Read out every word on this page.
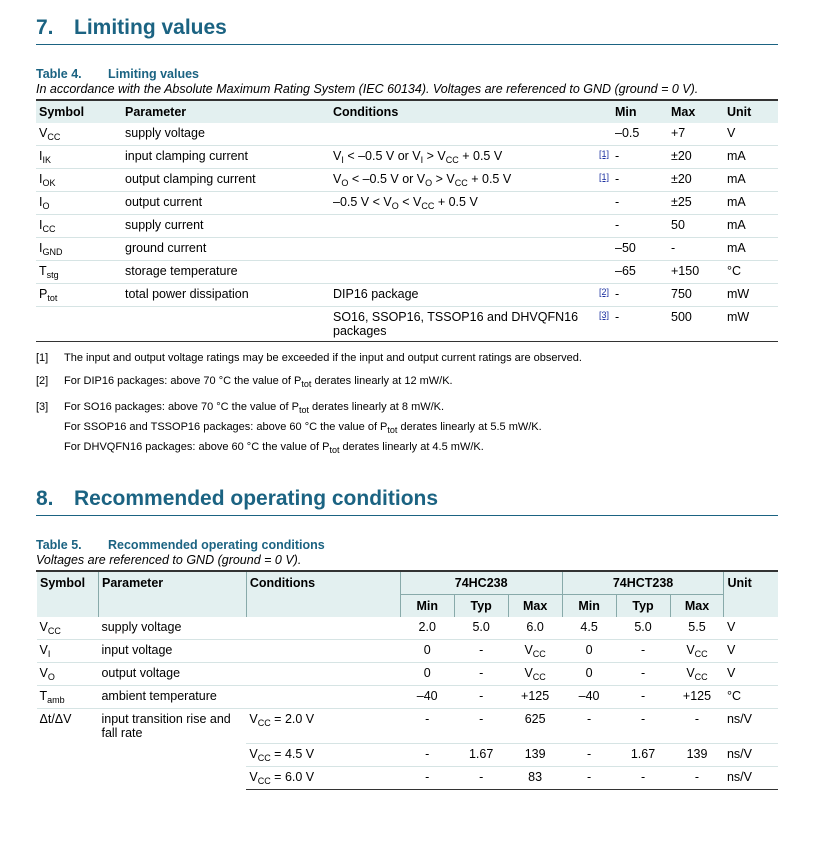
7. Limiting values
Table 4.	Limiting values
In accordance with the Absolute Maximum Rating System (IEC 60134). Voltages are referenced to GND (ground = 0 V).
Symbol	Parameter	Conditions		Min	Max	Unit
$V_{CC}$	supply voltage			–0.5	+7	V
$I_{IK}$	input clamping current	$V_I < -0.5$ V or $V_I > V_{CC} + 0.5$ V	[1]	-	±20	mA
$I_{OK}$	output clamping current	$V_O < -0.5$ V or $V_O > V_{CC} + 0.5$ V	[1]	-	±20	mA
$I_O$	output current	–0.5 $V < V_O < V_{CC} + 0.5$ V		-	±25	mA
$I_{CC}$	supply current			-	50	mA
$I_{GND}$	ground current			–50	-	mA
$T_{stg}$	storage temperature			–65	+150	°C
$P_{tot}$	total power dissipation	DIP16 package	[2]	-	750	mW
		SO16, SSOP16, TSSOP16 and DHVQFN16 packages	[3]	-	500	mW
[1]	The input and output voltage ratings may be exceeded if the input and output current ratings are observed.
[2]	For DIP16 packages: above 70 °C the value of $P_{tot}$ derates linearly at 12 mW/K.
[3]	For SO16 packages: above 70 °C the value of $P_{tot}$ derates linearly at 8 mW/K.
For SSOP16 and TSSOP16 packages: above 60 °C the value of $P_{tot}$ derates linearly at 5.5 mW/K.
For DHVQFN16 packages: above 60 °C the value of $P_{tot}$ derates linearly at 4.5 mW/K.
8. Recommended operating conditions
Table 5.	Recommended operating conditions
Voltages are referenced to GND (ground = 0 V).
Symbol	Parameter	Conditions	74HC238			74HCT238			Unit
			Min	Typ	Max	Min	Typ	Max	
$V_{CC}$	supply voltage		2.0	5.0	6.0	4.5	5.0	5.5	V
$V_I$	input voltage		0	-	$V_{CC}$	0	-	$V_{CC}$	V
$V_O$	output voltage		0	-	$V_{CC}$	0	-	$V_{CC}$	V
$T_{amb}$	ambient temperature		–40	-	+125	–40	-	+125	°C
Δt/ΔV	input transition rise and fall rate	$V_{CC} = 2.0$ V	-	-	625	-	-	-	ns/V
		$V_{CC} = 4.5$ V	-	1.67	139	-	1.67	139	ns/V
		$V_{CC} = 6.0$ V	-	-	83	-	-	-	ns/V
